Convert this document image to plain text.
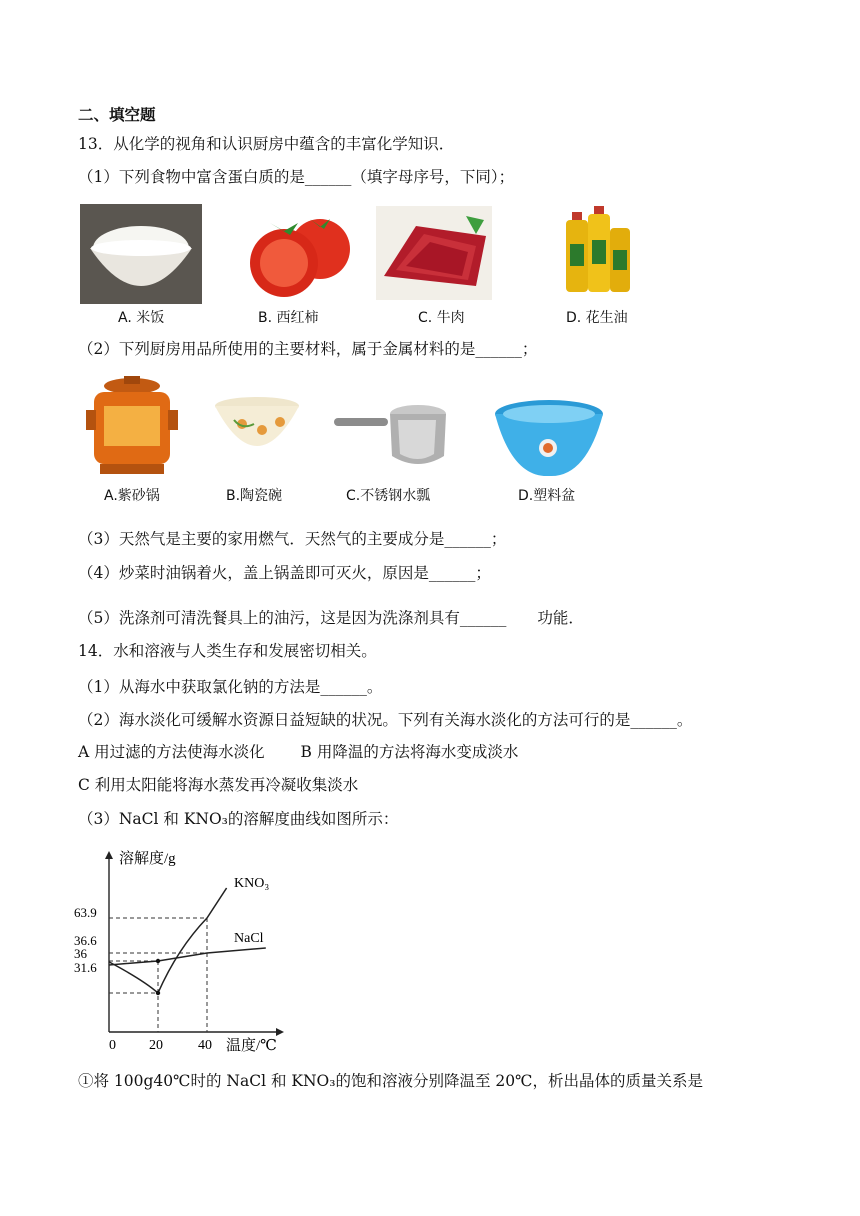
二、填空题
13．从化学的视角和认识厨房中蕴含的丰富化学知识．
（1）下列食物中富含蛋白质的是______（填字母序号，下同）；
A. 米饭	B. 西红柿	C. 牛肉	D. 花生油
（2）下列厨房用品所使用的主要材料，属于金属材料的是______；
A.紫砂锅	B.陶瓷碗	C.不锈钢水瓢	D.塑料盆
（3）天然气是主要的家用燃气．天然气的主要成分是______；
（4）炒菜时油锅着火，盖上锅盖即可灭火，原因是______；
（5）洗涤剂可清洗餐具上的油污，这是因为洗涤剂具有______　　功能．
14．水和溶液与人类生存和发展密切相关。
（1）从海水中获取氯化钠的方法是______。
（2）海水淡化可缓解水资源日益短缺的状况。下列有关海水淡化的方法可行的是______。
A 用过滤的方法使海水淡化　　 B 用降温的方法将海水变成淡水
C 利用太阳能将海水蒸发再冷凝收集淡水
（3）NaCl 和 KNO₃的溶解度曲线如图所示：
溶解度/g
温度/℃
0 20	40
63.9
36.6
36
31.6
KNO₃
NaCl
①将 100g40℃时的 NaCl 和 KNO₃的饱和溶液分别降温至 20℃，析出晶体的质量关系是
